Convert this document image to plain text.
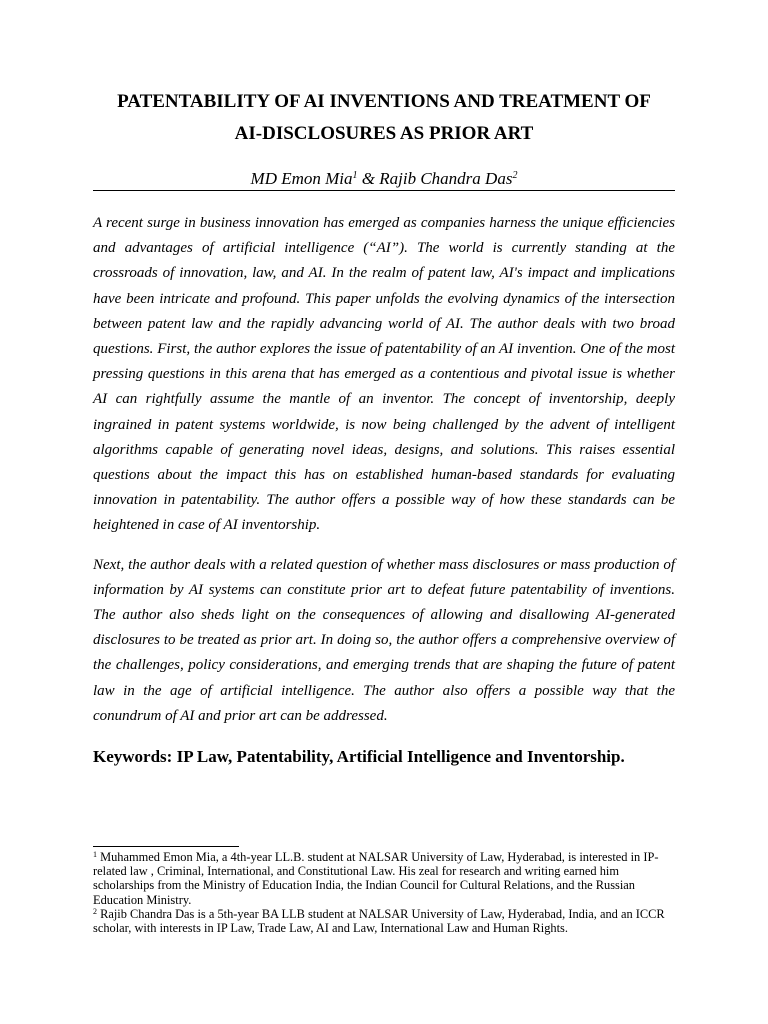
PATENTABILITY OF AI INVENTIONS AND TREATMENT OF
AI-DISCLOSURES AS PRIOR ART
MD Emon Mia$^1$ & Rajib Chandra Das$^2$

A recent surge in business innovation has emerged as companies harness the unique efficiencies and advantages of artificial intelligence (“AI”). The world is currently standing at the crossroads of innovation, law, and AI. In the realm of patent law, AI's impact and implications have been intricate and profound. This paper unfolds the evolving dynamics of the intersection between patent law and the rapidly advancing world of AI. The author deals with two broad questions. First, the author explores the issue of patentability of an AI invention. One of the most pressing questions in this arena that has emerged as a contentious and pivotal issue is whether AI can rightfully assume the mantle of an inventor. The concept of inventorship, deeply ingrained in patent systems worldwide, is now being challenged by the advent of intelligent algorithms capable of generating novel ideas, designs, and solutions. This raises essential questions about the impact this has on established human-based standards for evaluating innovation in patentability. The author offers a possible way of how these standards can be heightened in case of AI inventorship.

Next, the author deals with a related question of whether mass disclosures or mass production of information by AI systems can constitute prior art to defeat future patentability of inventions. The author also sheds light on the consequences of allowing and disallowing AI-generated disclosures to be treated as prior art. In doing so, the author offers a comprehensive overview of the challenges, policy considerations, and emerging trends that are shaping the future of patent law in the age of artificial intelligence. The author also offers a possible way that the conundrum of AI and prior art can be addressed.

Keywords: IP Law, Patentability, Artificial Intelligence and Inventorship.

$^1$ Muhammed Emon Mia, a 4th-year LL.B. student at NALSAR University of Law, Hyderabad, is interested in IP-related law , Criminal, International, and Constitutional Law. His zeal for research and writing earned him scholarships from the Ministry of Education India, the Indian Council for Cultural Relations, and the Russian Education Ministry.

$^2$ Rajib Chandra Das is a 5th-year BA LLB student at NALSAR University of Law, Hyderabad, India, and an ICCR scholar, with interests in IP Law, Trade Law, AI and Law, International Law and Human Rights.
